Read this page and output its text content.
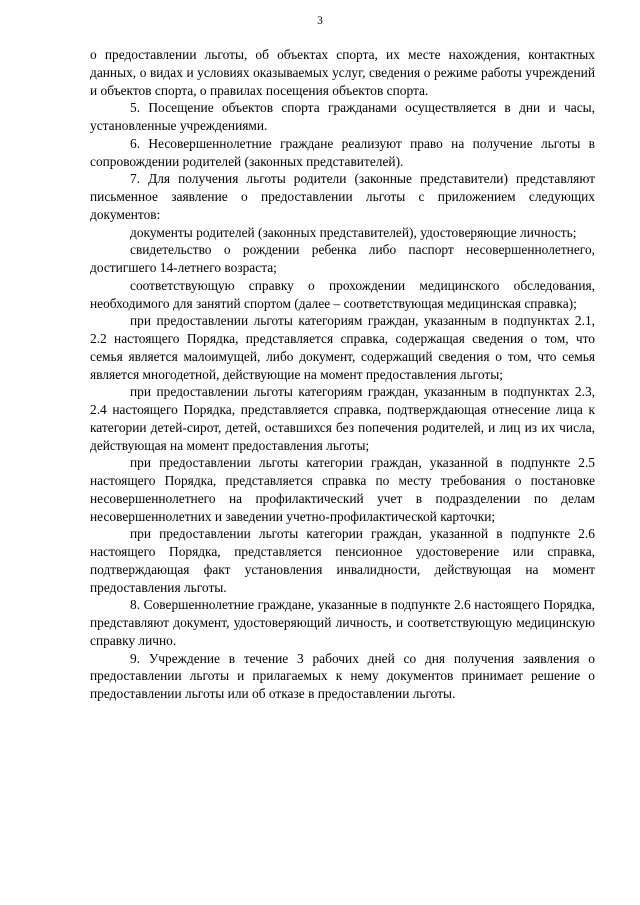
3

о предоставлении льготы, об объектах спорта, их месте нахождения, контактных данных, о видах и условиях оказываемых услуг, сведения о режиме работы учреждений и объектов спорта, о правилах посещения объектов спорта.

5. Посещение объектов спорта гражданами осуществляется в дни и часы, установленные учреждениями.

6. Несовершеннолетние граждане реализуют право на получение льготы в сопровождении родителей (законных представителей).

7. Для получения льготы родители (законные представители) представляют письменное заявление о предоставлении льготы с приложением следующих документов:

документы родителей (законных представителей), удостоверяющие личность;

свидетельство о рождении ребенка либо паспорт несовершеннолетнего, достигшего 14-летнего возраста;

соответствующую справку о прохождении медицинского обследования, необходимого для занятий спортом (далее – соответствующая медицинская справка);

при предоставлении льготы категориям граждан, указанным в подпунктах 2.1, 2.2 настоящего Порядка, представляется справка, содержащая сведения о том, что семья является малоимущей, либо документ, содержащий сведения о том, что семья является многодетной, действующие на момент предоставления льготы;

при предоставлении льготы категориям граждан, указанным в подпунктах 2.3, 2.4 настоящего Порядка, представляется справка, подтверждающая отнесение лица к категории детей-сирот, детей, оставшихся без попечения родителей, и лиц из их числа, действующая на момент предоставления льготы;

при предоставлении льготы категории граждан, указанной в подпункте 2.5 настоящего Порядка, представляется справка по месту требования о постановке несовершеннолетнего на профилактический учет в подразделении по делам несовершеннолетних и заведении учетно-профилактической карточки;

при предоставлении льготы категории граждан, указанной в подпункте 2.6 настоящего Порядка, представляется пенсионное удостоверение или справка, подтверждающая факт установления инвалидности, действующая на момент предоставления льготы.

8. Совершеннолетние граждане, указанные в подпункте 2.6 настоящего Порядка, представляют документ, удостоверяющий личность, и соответствующую медицинскую справку лично.

9. Учреждение в течение 3 рабочих дней со дня получения заявления о предоставлении льготы и прилагаемых к нему документов принимает решение о предоставлении льготы или об отказе в предоставлении льготы.
